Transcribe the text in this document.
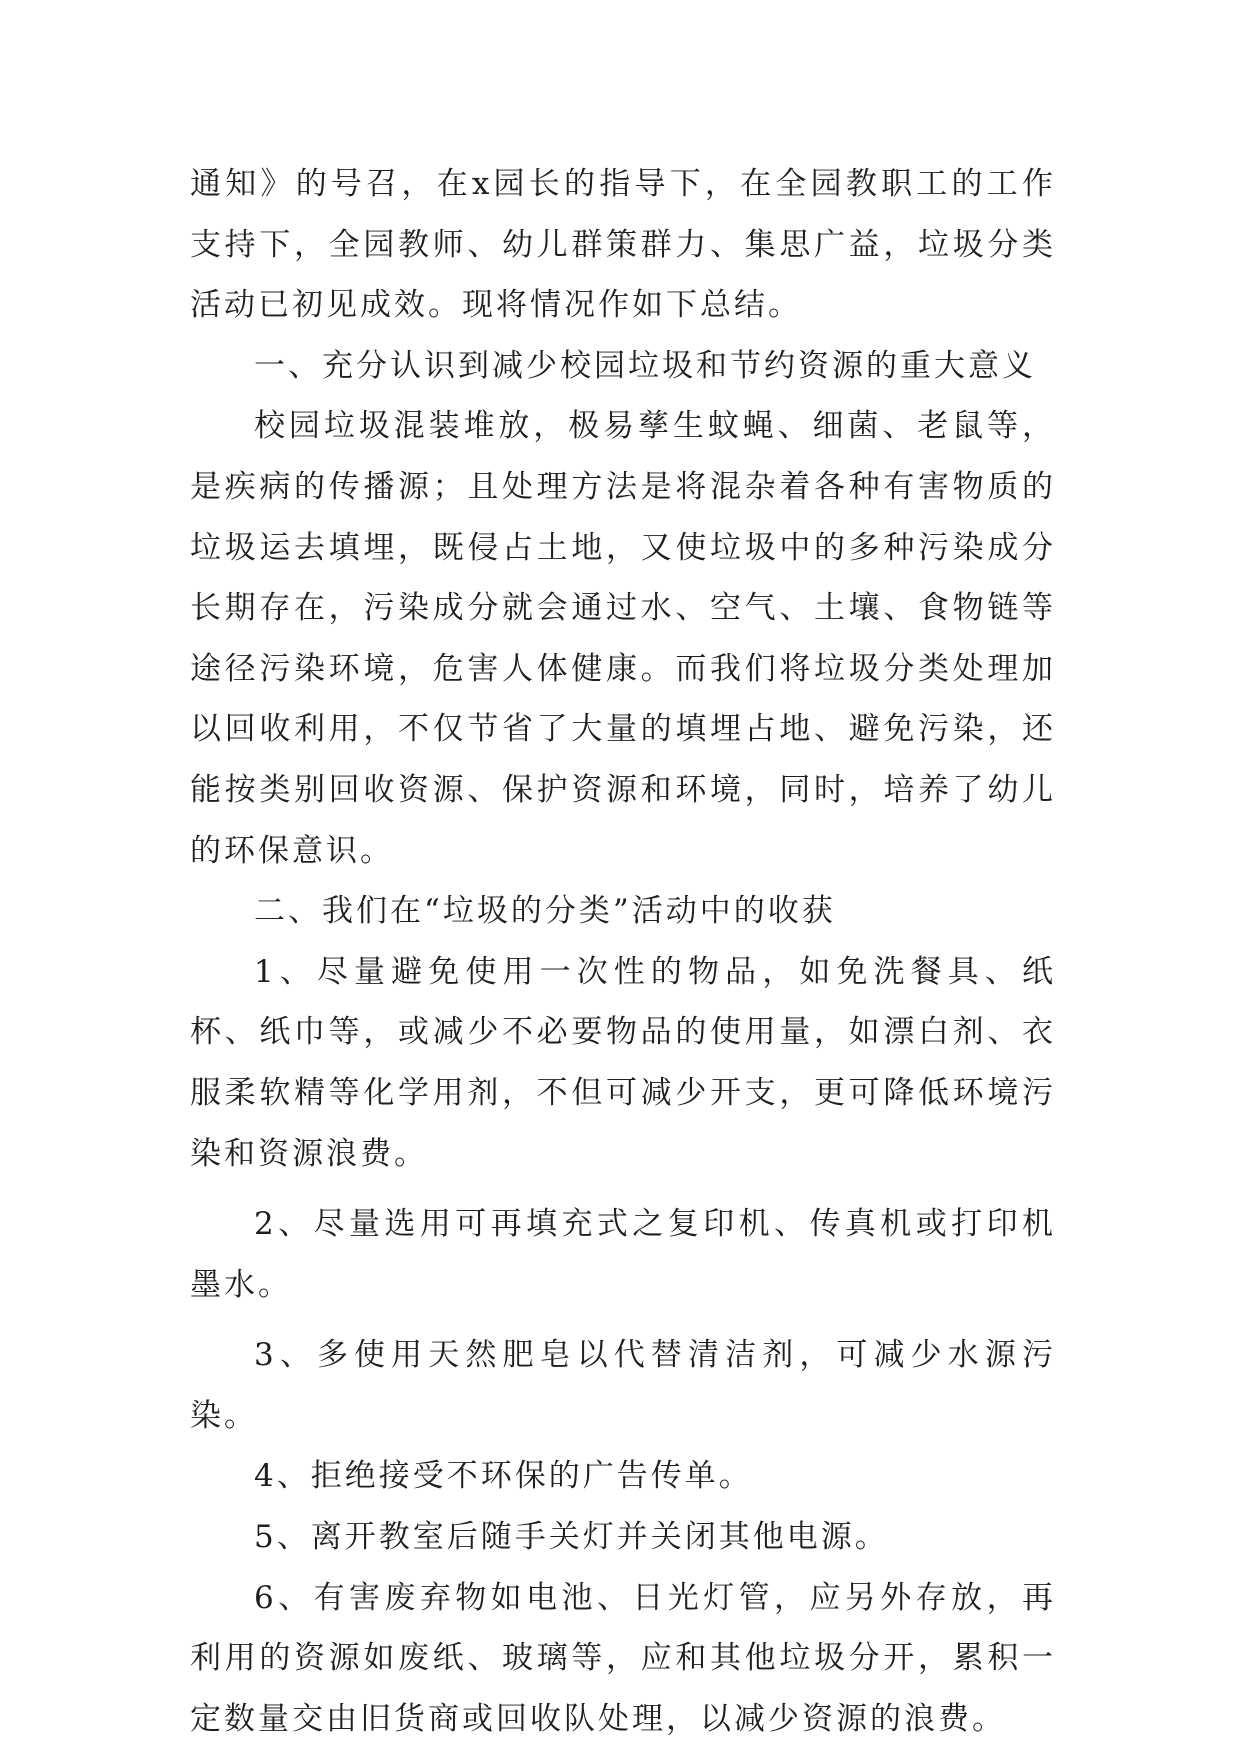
通知》的号召，在x园长的指导下，在全园教职工的工作支持下，全园教师、幼儿群策群力、集思广益，垃圾分类活动已初见成效。现将情况作如下总结。

一、充分认识到减少校园垃圾和节约资源的重大意义

校园垃圾混装堆放，极易孳生蚊蝇、细菌、老鼠等，是疾病的传播源；且处理方法是将混杂着各种有害物质的垃圾运去填埋，既侵占土地，又使垃圾中的多种污染成分长期存在，污染成分就会通过水、空气、土壤、食物链等途径污染环境，危害人体健康。而我们将垃圾分类处理加以回收利用，不仅节省了大量的填埋占地、避免污染，还能按类别回收资源、保护资源和环境，同时，培养了幼儿的环保意识。

二、我们在“垃圾的分类”活动中的收获

1、尽量避免使用一次性的物品，如免洗餐具、纸杯、纸巾等，或减少不必要物品的使用量，如漂白剂、衣服柔软精等化学用剂，不但可减少开支，更可降低环境污染和资源浪费。

2、尽量选用可再填充式之复印机、传真机或打印机墨水。

3、多使用天然肥皂以代替清洁剂，可减少水源污染。

4、拒绝接受不环保的广告传单。

5、离开教室后随手关灯并关闭其他电源。

6、有害废弃物如电池、日光灯管，应另外存放，再利用的资源如废纸、玻璃等，应和其他垃圾分开，累积一定数量交由旧货商或回收队处理，以减少资源的浪费。
